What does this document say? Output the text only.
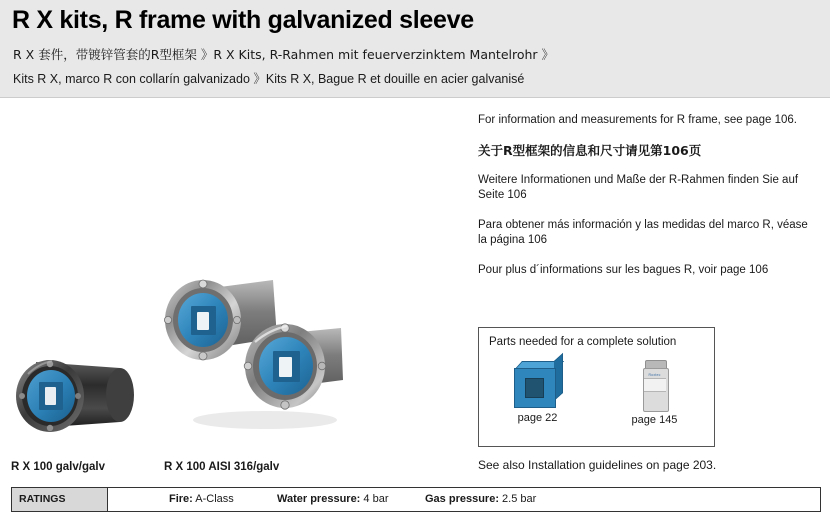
R X kits, R frame with galvanized sleeve
R X 套件，带镀锌管套的R型框架 》R X Kits, R-Rahmen mit feuerverzinktem Mantelrohr 》
Kits R X, marco R con collarín galvanizado 》Kits R X, Bague R et douille en acier galvanisé
For information and measurements for R frame, see page 106.
关于R型框架的信息和尺寸请见第106页
Weitere Informationen und Maße der R-Rahmen finden Sie auf Seite 106
Para obtener más información y las medidas del marco R, véase la página 106
Pour plus d´informations sur les bagues R, voir page 106
Parts needed for a complete solution
page 22
Roxtec
page 145
See also Installation guidelines on page 203.
R X 100 galv/galv	R X 100 AISI 316/galv
RATINGS	Fire: A-Class	Water pressure: 4 bar	Gas pressure: 2.5 bar
